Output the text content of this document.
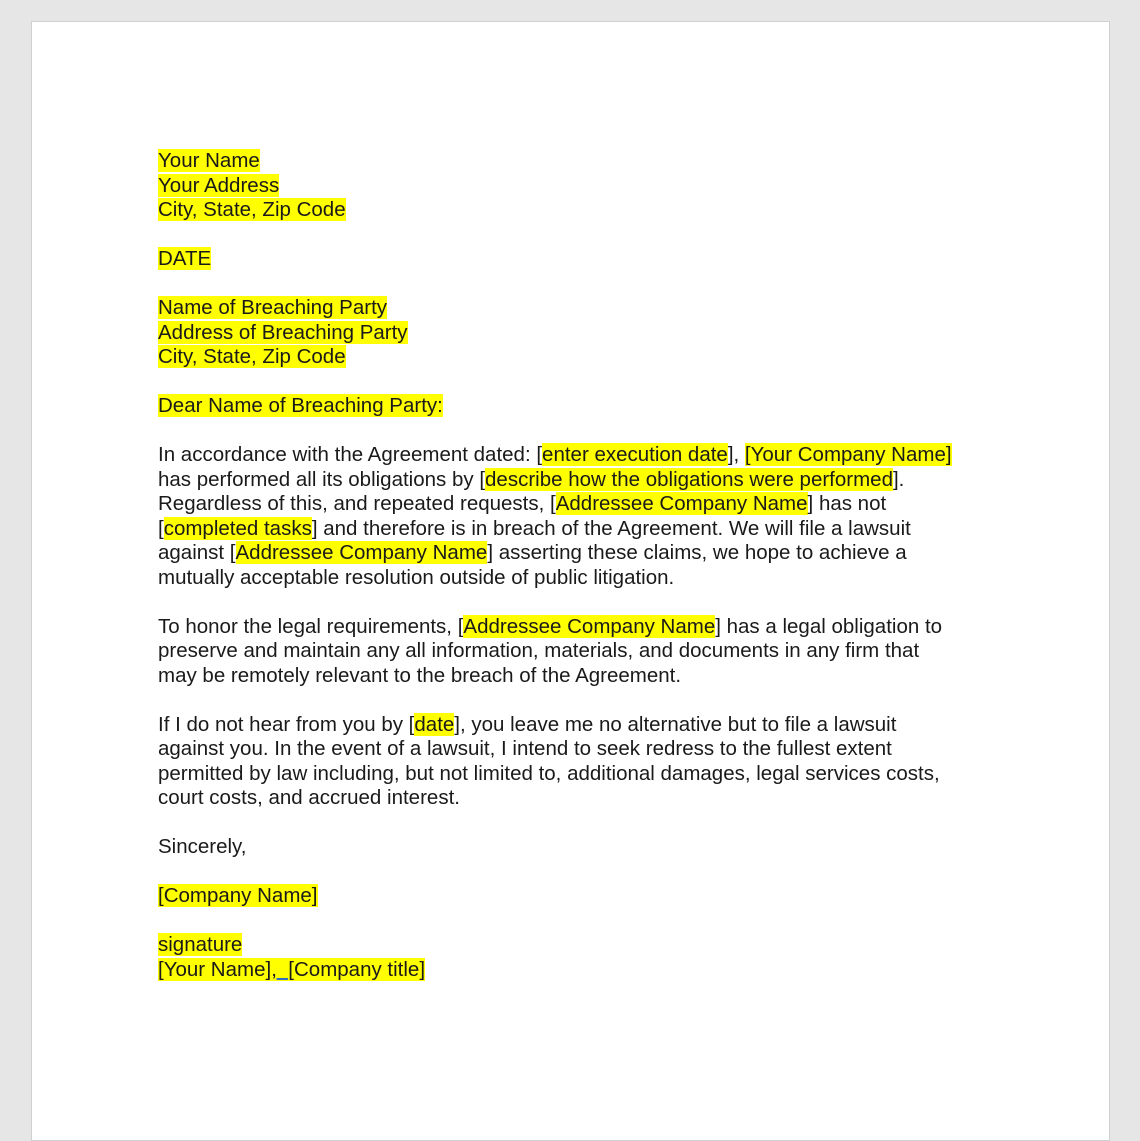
Your Name
Your Address
City, State, Zip Code
DATE
Name of Breaching Party
Address of Breaching Party
City, State, Zip Code
Dear Name of Breaching Party:
In accordance with the Agreement dated: [enter execution date], [Your Company Name]
has performed all its obligations by [describe how the obligations were performed].
Regardless of this, and repeated requests, [Addressee Company Name] has not
[completed tasks] and therefore is in breach of the Agreement. We will file a lawsuit
against [Addressee Company Name] asserting these claims, we hope to achieve a
mutually acceptable resolution outside of public litigation.
To honor the legal requirements, [Addressee Company Name] has a legal obligation to
preserve and maintain any all information, materials, and documents in any firm that
may be remotely relevant to the breach of the Agreement.
If I do not hear from you by [date], you leave me no alternative but to file a lawsuit
against you. In the event of a lawsuit, I intend to seek redress to the fullest extent
permitted by law including, but not limited to, additional damages, legal services costs,
court costs, and accrued interest.
Sincerely,
[Company Name]
signature
[Your Name],  [Company title]
